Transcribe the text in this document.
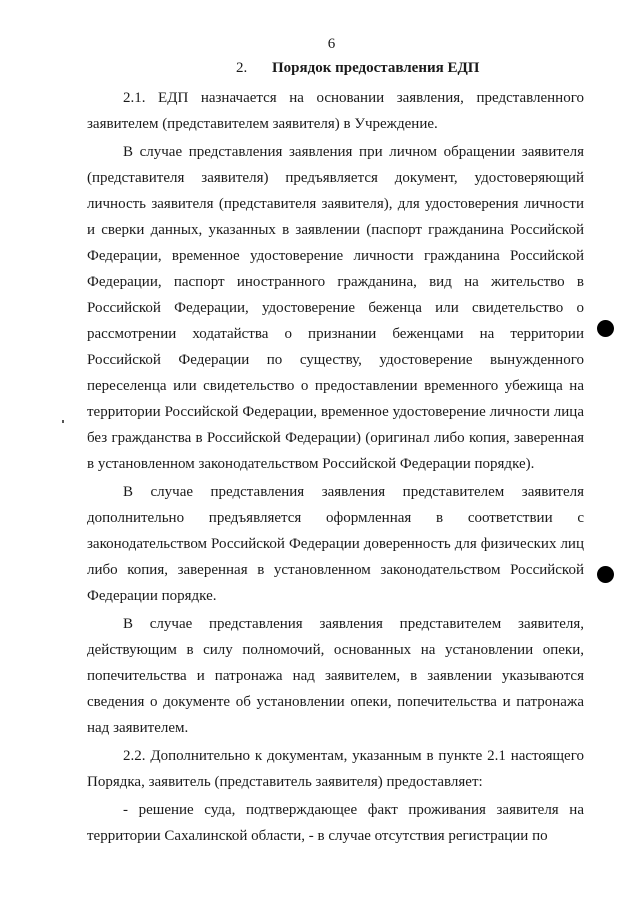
6
2. Порядок предоставления ЕДП

2.1. ЕДП назначается на основании заявления, представленного заявителем (представителем заявителя) в Учреждение.

В случае представления заявления при личном обращении заявителя (представителя заявителя) предъявляется документ, удостоверяющий личность заявителя (представителя заявителя), для удостоверения личности и сверки данных, указанных в заявлении (паспорт гражданина Российской Федерации, временное удостоверение личности гражданина Российской Федерации, паспорт иностранного гражданина, вид на жительство в Российской Федерации, удостоверение беженца или свидетельство о рассмотрении ходатайства о признании беженцами на территории Российской Федерации по существу, удостоверение вынужденного переселенца или свидетельство о предоставлении временного убежища на территории Российской Федерации, временное удостоверение личности лица без гражданства в Российской Федерации) (оригинал либо копия, заверенная в установленном законодательством Российской Федерации порядке).

В случае представления заявления представителем заявителя дополнительно предъявляется оформленная в соответствии с законодательством Российской Федерации доверенность для физических лиц либо копия, заверенная в установленном законодательством Российской Федерации порядке.

В случае представления заявления представителем заявителя, действующим в силу полномочий, основанных на установлении опеки, попечительства и патронажа над заявителем, в заявлении указываются сведения о документе об установлении опеки, попечительства и патронажа над заявителем.

2.2. Дополнительно к документам, указанным в пункте 2.1 настоящего Порядка, заявитель (представитель заявителя) предоставляет:

- решение суда, подтверждающее факт проживания заявителя на территории Сахалинской области, - в случае отсутствия регистрации по
